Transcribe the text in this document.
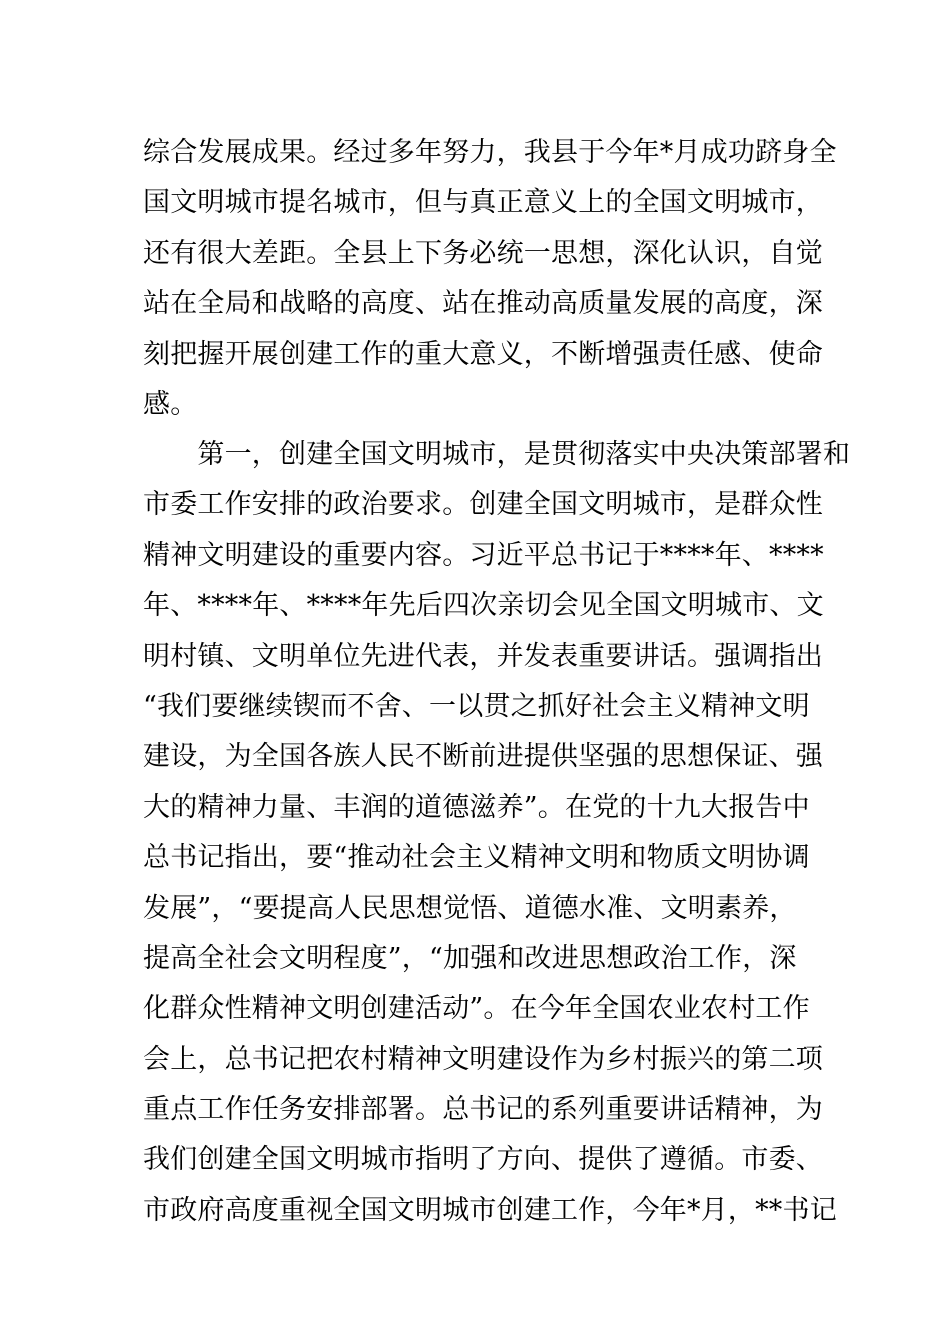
综合发展成果。经过多年努力，我县于今年*月成功跻身全
国文明城市提名城市，但与真正意义上的全国文明城市，
还有很大差距。全县上下务必统一思想，深化认识，自觉
站在全局和战略的高度、站在推动高质量发展的高度，深
刻把握开展创建工作的重大意义，不断增强责任感、使命
感。
　　第一，创建全国文明城市，是贯彻落实中央决策部署和
市委工作安排的政治要求。创建全国文明城市，是群众性
精神文明建设的重要内容。习近平总书记于****年、****
年、****年、****年先后四次亲切会见全国文明城市、文
明村镇、文明单位先进代表，并发表重要讲话。强调指出
“我们要继续锲而不舍、一以贯之抓好社会主义精神文明
建设，为全国各族人民不断前进提供坚强的思想保证、强
大的精神力量、丰润的道德滋养”。在党的十九大报告中
总书记指出，要“推动社会主义精神文明和物质文明协调
发展”，“要提高人民思想觉悟、道德水准、文明素养，
提高全社会文明程度”，“加强和改进思想政治工作，深
化群众性精神文明创建活动”。在今年全国农业农村工作
会上，总书记把农村精神文明建设作为乡村振兴的第二项
重点工作任务安排部署。总书记的系列重要讲话精神，为
我们创建全国文明城市指明了方向、提供了遵循。市委、
市政府高度重视全国文明城市创建工作，今年*月，**书记
